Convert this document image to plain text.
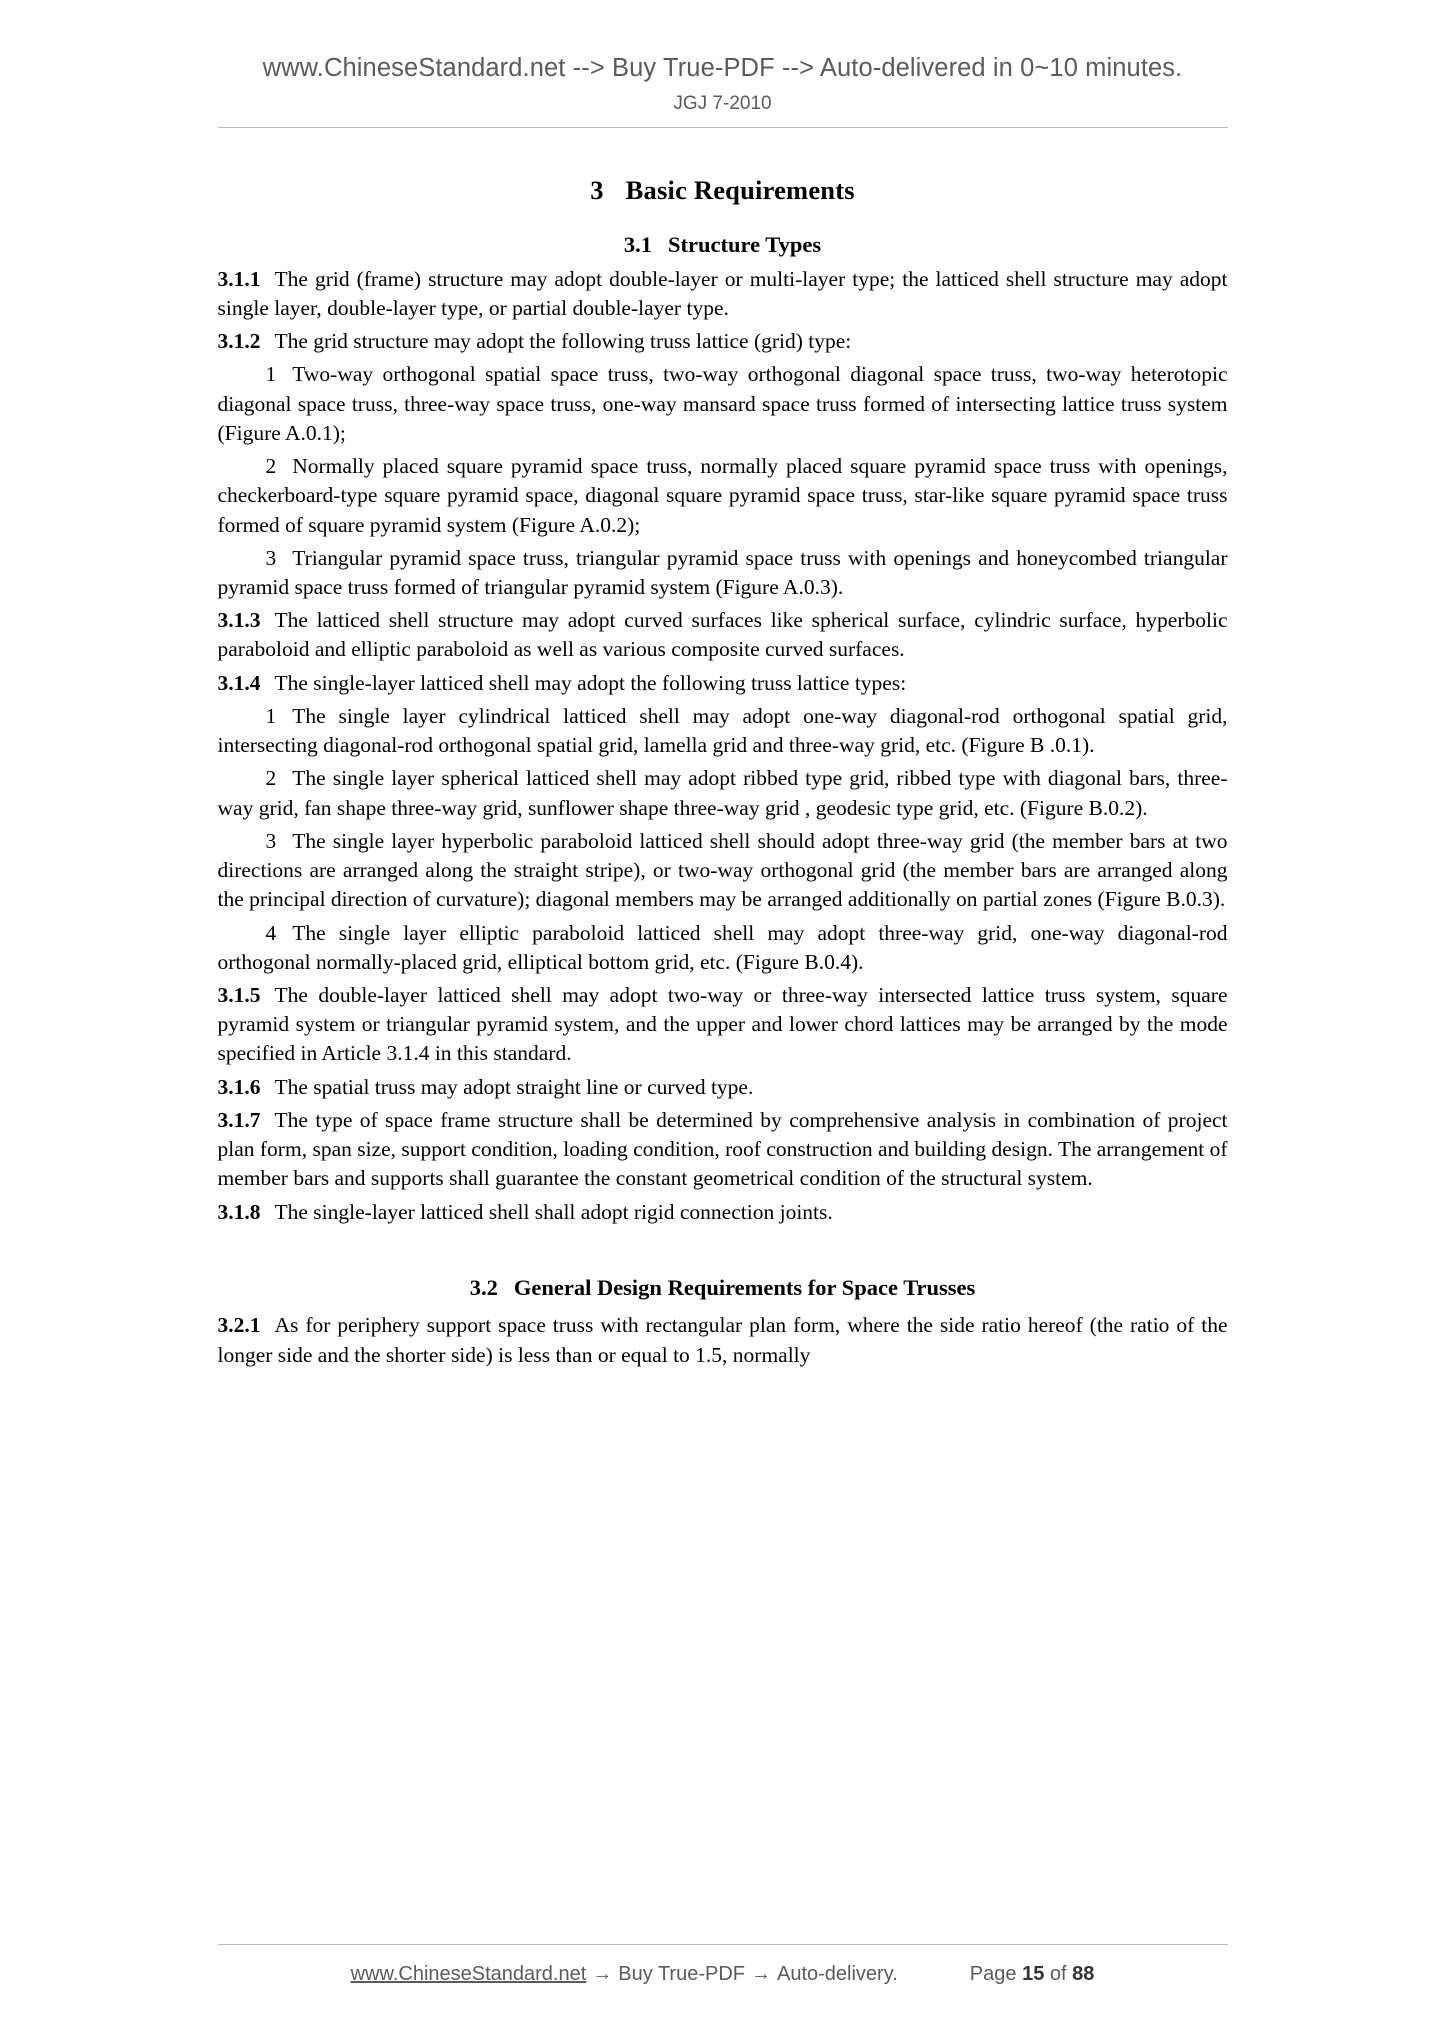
www.ChineseStandard.net --> Buy True-PDF --> Auto-delivered in 0~10 minutes.
JGJ 7-2010
3 Basic Requirements
3.1 Structure Types

3.1.1 The grid (frame) structure may adopt double-layer or multi-layer type; the latticed shell structure may adopt single layer, double-layer type, or partial double-layer type.

3.1.2 The grid structure may adopt the following truss lattice (grid) type:

1 Two-way orthogonal spatial space truss, two-way orthogonal diagonal space truss, two-way heterotopic diagonal space truss, three-way space truss, one-way mansard space truss formed of intersecting lattice truss system (Figure A.0.1);

2 Normally placed square pyramid space truss, normally placed square pyramid space truss with openings, checkerboard-type square pyramid space, diagonal square pyramid space truss, star-like square pyramid space truss formed of square pyramid system (Figure A.0.2);

3 Triangular pyramid space truss, triangular pyramid space truss with openings and honeycombed triangular pyramid space truss formed of triangular pyramid system (Figure A.0.3).

3.1.3 The latticed shell structure may adopt curved surfaces like spherical surface, cylindric surface, hyperbolic paraboloid and elliptic paraboloid as well as various composite curved surfaces.

3.1.4 The single-layer latticed shell may adopt the following truss lattice types:

1 The single layer cylindrical latticed shell may adopt one-way diagonal-rod orthogonal spatial grid, intersecting diagonal-rod orthogonal spatial grid, lamella grid and three-way grid, etc. (Figure B .0.1).

2 The single layer spherical latticed shell may adopt ribbed type grid, ribbed type with diagonal bars, three-way grid, fan shape three-way grid, sunflower shape three-way grid , geodesic type grid, etc. (Figure B.0.2).

3 The single layer hyperbolic paraboloid latticed shell should adopt three-way grid (the member bars at two directions are arranged along the straight stripe), or two-way orthogonal grid (the member bars are arranged along the principal direction of curvature); diagonal members may be arranged additionally on partial zones (Figure B.0.3).

4 The single layer elliptic paraboloid latticed shell may adopt three-way grid, one-way diagonal-rod orthogonal normally-placed grid, elliptical bottom grid, etc. (Figure B.0.4).

3.1.5 The double-layer latticed shell may adopt two-way or three-way intersected lattice truss system, square pyramid system or triangular pyramid system, and the upper and lower chord lattices may be arranged by the mode specified in Article 3.1.4 in this standard.

3.1.6 The spatial truss may adopt straight line or curved type.

3.1.7 The type of space frame structure shall be determined by comprehensive analysis in combination of project plan form, span size, support condition, loading condition, roof construction and building design. The arrangement of member bars and supports shall guarantee the constant geometrical condition of the structural system.

3.1.8 The single-layer latticed shell shall adopt rigid connection joints.

3.2 General Design Requirements for Space Trusses

3.2.1 As for periphery support space truss with rectangular plan form, where the side ratio hereof (the ratio of the longer side and the shorter side) is less than or equal to 1.5, normally

www.ChineseStandard.net → Buy True-PDF → Auto-delivery.	Page 15 of 88
